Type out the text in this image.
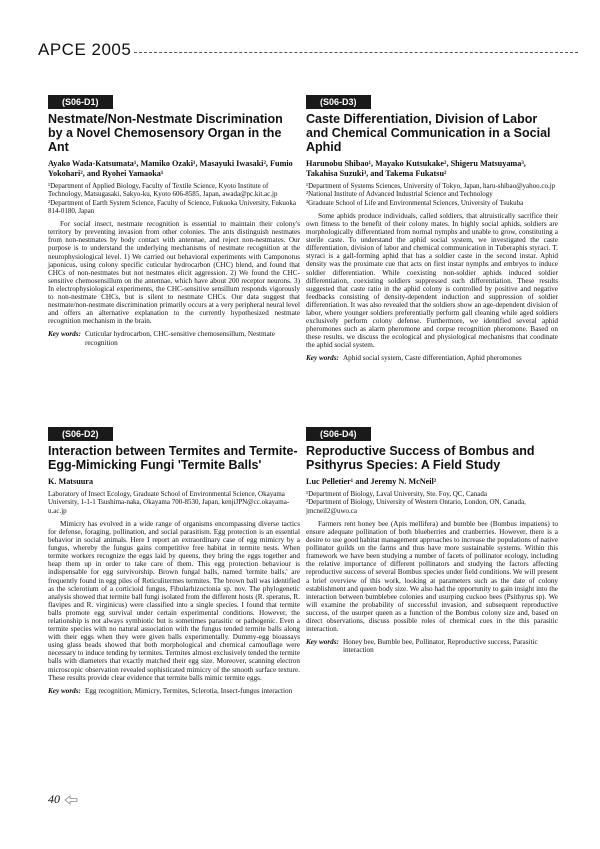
APCE 2005
(S06-D1)
Nestmate/Non-Nestmate Discrimination by a Novel Chemosensory Organ in the Ant
Ayako Wada-Katsumata¹, Mamiko Ozaki¹, Masayuki Iwasaki², Fumio Yokohari², and Ryohei Yamaoka¹
¹Department of Applied Biology, Faculty of Textile Science, Kyoto Institute of Technology, Matsugasaki, Sakyo-ku, Kyoto 606-8585, Japan, awada@pc.kit.ac.jp
²Department of Earth System Science, Faculty of Science, Fukuoka University, Fukuoka 814-0180, Japan

For social insect, nestmate recognition is essential to maintain their colony's territory by preventing invasion from other colonies. The ants distinguish nestmates from non-nestmates by body contact with antennae, and reject non-nestmates. Our purpose is to understand the underlying mechanisms of nestmate recognition at the neurophysiological level. 1) We carried out behavioral experiments with Camponotus japonicus, using colony specific cuticular hydrocarbon (CHC) blend, and found that CHCs of non-nestmates but not nestmates elicit aggression. 2) We found the CHC-sensitive chemosensillum on the antennae, which have about 200 receptor neurons. 3) In electrophysiological experiments, the CHC-sensitive sensillum responds vigorously to non-nestmate CHCs, but is silent to nestmate CHCs. Our data suggest that nestmate/non-nestmate discrimination primarily occurs at a very peripheral neural level and offers an alternative explanation to the currently hypothesized nestmate recognition mechanism in the brain.

Key words: Cuticular hydrocarbon, CHC-sensitive chemosensillum, Nestmate recognition
(S06-D2)
Interaction between Termites and Termite-Egg-Mimicking Fungi 'Termite Balls'
K. Matsuura
Laboratory of Insect Ecology, Graduate School of Environmental Science, Okayama University, 1-1-1 Tsushima-naka, Okayama 700-8530, Japan, kenjiJPN@cc.okayama-u.ac.jp

Mimicry has evolved in a wide range of organisms encompassing diverse tactics for defense, foraging, pollination, and social parasitism. Egg protection is an essential behavior in social animals. Here I report an extraordinary case of egg mimicry by a fungus, whereby the fungus gains competitive free habitat in termite nests. When termite workers recognize the eggs laid by queens, they bring the eggs together and heap them up in order to take care of them. This egg protection behaviour is indispensable for egg survivorship. Brown fungal balls, named 'termite balls,' are frequently found in egg piles of Reticulitermes termites. The brown ball was identified as the sclerotium of a corticioid fungus, Fibularhizoctonia sp. nov. The phylogenetic analysis showed that termite ball fungi isolated from the different hosts (R. speratus, R. flavipes and R. virginicus) were classified into a single species. I found that termite balls promote egg survival under certain experimental conditions. However, the relationship is not always symbiotic but is sometimes parasitic or pathogenic. Even a termite species with no natural association with the fungus tended termite balls along with their eggs when they were given balls experimentally. Dummy-egg bioassays using glass beads showed that both morphological and chemical camouflage were necessary to induce tending by termites. Termites almost exclusively tended the termite balls with diameters that exactly matched their egg size. Moreover, scanning electron microscopic observation revealed sophisticated mimicry of the smooth surface texture. These results provide clear evidence that termite balls mimic termite eggs.

Key words: Egg recognition, Mimicry, Termites, Sclerotia, Insect-fungus interaction
(S06-D3)
Caste Differentiation, Division of Labor and Chemical Communication in a Social Aphid
Harunobu Shibao¹, Mayako Kutsukake², Shigeru Matsuyama³, Takahisa Suzuki³, and Takema Fukatsu²
¹Department of Systems Sciences, University of Tokyo, Japan, haru-shibao@yahoo.co.jp
²National Institute of Advanced Industrial Science and Technology
³Graduate School of Life and Environmental Sciences, University of Tsukuba

Some aphids produce individuals, called soldiers, that altruistically sacrifice their own fitness to the benefit of their colony mates. In highly social aphids, soldiers are morphologically differentiated from normal nymphs and unable to grow, constituting a sterile caste. To understand the aphid social system, we investigated the caste differentiation, division of labor and chemical communication in Tuberaphis styraci. T. styraci is a gall-forming aphid that has a soldier caste in the second instar. Aphid density was the proximate cue that acts on first instar nymphs and embryos to induce soldier differentiation. While coexisting non-soldier aphids induced soldier differentiation, coexisting soldiers suppressed such differentiation. These results suggested that caste ratio in the aphid colony is controlled by positive and negative feedbacks consisting of density-dependent induction and suppression of soldier differentiation. It was also revealed that the soldiers show an age-dependent division of labor, where younger soldiers preferentially perform gall cleaning while aged soldiers exclusively perform colony defense. Furthermore, we identified several aphid pheromones such as alarm pheromone and corpse recognition pheromone. Based on these results, we discuss the ecological and physiological mechanisms that coodinate the aphid social system.

Key words: Aphid social system, Caste differentiation, Aphid pheromones
(S06-D4)
Reproductive Success of Bombus and Psithyrus Species: A Field Study
Luc Pelletier¹ and Jeremy N. McNeil²
¹Department of Biology, Laval University, Ste. Foy, QC, Canada
²Department of Biology, University of Western Ontario, London, ON, Canada, jmcneil2@uwo.ca

Farmers rent honey bee (Apis mellifera) and bumble bee (Bombus impatiens) to ensure adequate pollination of both blueberries and cranberries. However, there is a desire to use good habitat management approaches to increase the populations of native pollinator guilds on the farms and thus have more sustainable systems. Within this framework we have been studying a number of facets of pollinator ecology, including the relative importance of different pollinators and studying the factors affecting reproductive success of several Bombus species under field conditions. We will present a brief overview of this work, looking at parameters such as the date of colony establishment and queen body size. We also had the opportunity to gain insight into the interaction between bumblebee colonies and usurping cuckoo bees (Psithyrus sp). We will examine the probability of successful invasion, and subsequent reproductive success, of the usurper queen as a function of the Bombus colony size and, based on direct observations, discuss possible roles of chemical cues in the this parasitic interaction.

Key words: Honey bee, Bumble bee, Pollinator, Reproductive success, Parasitic interaction
40
